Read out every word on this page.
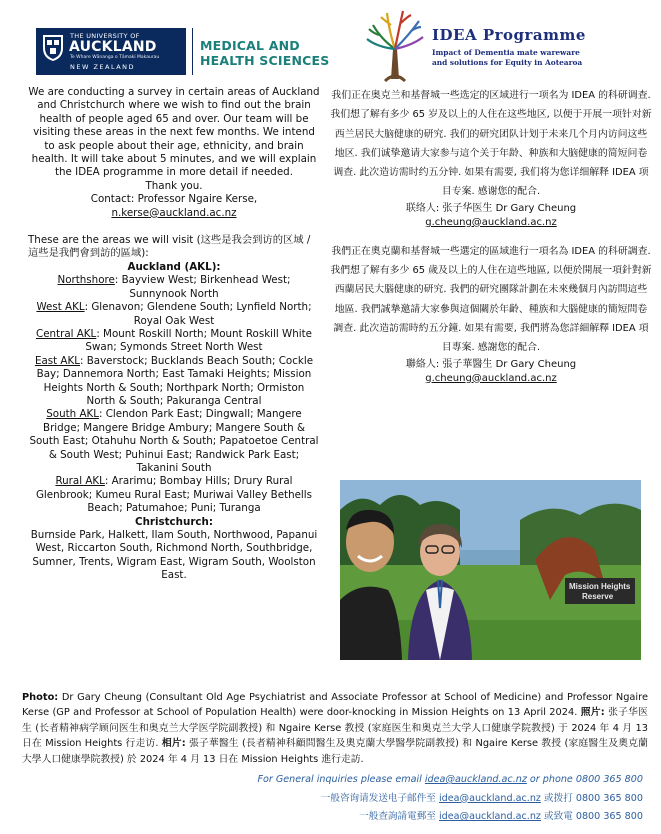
THE UNIVERSITY OF
AUCKLAND
Te Whare Wānanga o Tāmaki Makaurau
NEW ZEALAND
MEDICAL AND
HEALTH SCIENCES
IDEA Programme
Impact of Dementia mate wareware
and solutions for Equity in Aotearoa

We are conducting a survey in certain areas of Auckland and Christchurch where we wish to find out the brain health of people aged 65 and over. Our team will be visiting these areas in the next few months. We intend to ask people about their age, ethnicity, and brain health. It will take about 5 minutes, and we will explain the IDEA programme in more detail if needed.

Thank you.
Contact: Professor Ngaire Kerse,
n.kerse@auckland.ac.nz
These are the areas we will visit (这些是我会到访的区域 /這些是我們會到訪的區域):
Auckland (AKL):
Northshore: Bayview West; Birkenhead West; Sunnynook North
West AKL: Glenavon; Glendene South; Lynfield North; Royal Oak West
Central AKL: Mount Roskill North; Mount Roskill White Swan; Symonds Street North West
East AKL: Baverstock; Bucklands Beach South; Cockle Bay; Dannemora North; East Tamaki Heights; Mission Heights North & South; Northpark North; Ormiston North & South; Pakuranga Central
South AKL: Clendon Park East; Dingwall; Mangere Bridge; Mangere Bridge Ambury; Mangere South & South East; Otahuhu North & South; Papatoetoe Central & South West; Puhinui East; Randwick Park East; Takanini South
Rural AKL: Ararimu; Bombay Hills; Drury Rural Glenbrook; Kumeu Rural East; Muriwai Valley Bethells Beach; Patumahoe; Puni; Turanga
Christchurch:
Burnside Park, Halkett, Ilam South, Northwood, Papanui West, Riccarton South, Richmond North, Southbridge, Sumner, Trents, Wigram East, Wigram South, Woolston East.

我们正在奥克兰和基督城一些选定的区域进行一项名为 IDEA 的科研调查. 我们想了解有多少 65 岁及以上的人住在这些地区, 以便于开展一项针对新西兰居民大脑健康的研究. 我们的研究团队计划于未来几个月内访问这些地区. 我们诚挚邀请大家参与這个关于年龄、种族和大脑健康的简短问卷调查. 此次造访需时约五分钟. 如果有需要, 我们将为您详细解释 IDEA 项目专案. 感谢您的配合.

联络人: 张子华医生 Dr Gary Cheung
g.cheung@auckland.ac.nz

我們正在奧克蘭和基督城一些選定的區域進行一項名為 IDEA 的科研調查. 我們想了解有多少 65 歲及以上的人住在這些地區, 以便於開展一項針對新西蘭居民大腦健康的研究. 我們的研究團隊計劃在未來幾個月內訪問這些地區. 我們誠摯邀請大家參與這個關於年齡、種族和大腦健康的簡短問卷調查. 此次造訪需時約五分鐘. 如果有需要, 我們將為您詳細解釋 IDEA 項目專案. 感謝您的配合.

聯絡人: 張子華醫生 Dr Gary Cheung
g.cheung@auckland.ac.nz
Mission Heights
Reserve
Photo: Dr Gary Cheung (Consultant Old Age Psychiatrist and Associate Professor at School of Medicine) and Professor Ngaire Kerse (GP and Professor at School of Population Health) were door-knocking in Mission Heights on 13 April 2024. 照片: 张子华医生 (长者精神病学顾问医生和奥克兰大学医学院副教授) 和 Ngaire Kerse 教授 (家庭医生和奥克兰大学人口健康学院教授) 于 2024 年 4 月 13 日在 Mission Heights 行走访. 相片: 張子華醫生 (長者精神科顧問醫生及奧克蘭大學醫學院副教授) 和 Ngaire Kerse 教授 (家庭醫生及奧克蘭大學人口健康學院教授) 於 2024 年 4 月 13 日在 Mission Heights 進行走訪.
For General inquiries please email idea@auckland.ac.nz or phone 0800 365 800
一般咨询请发送电子邮件至 idea@auckland.ac.nz 或拨打 0800 365 800
一般查詢請電郵至 idea@auckland.ac.nz 或致電 0800 365 800
